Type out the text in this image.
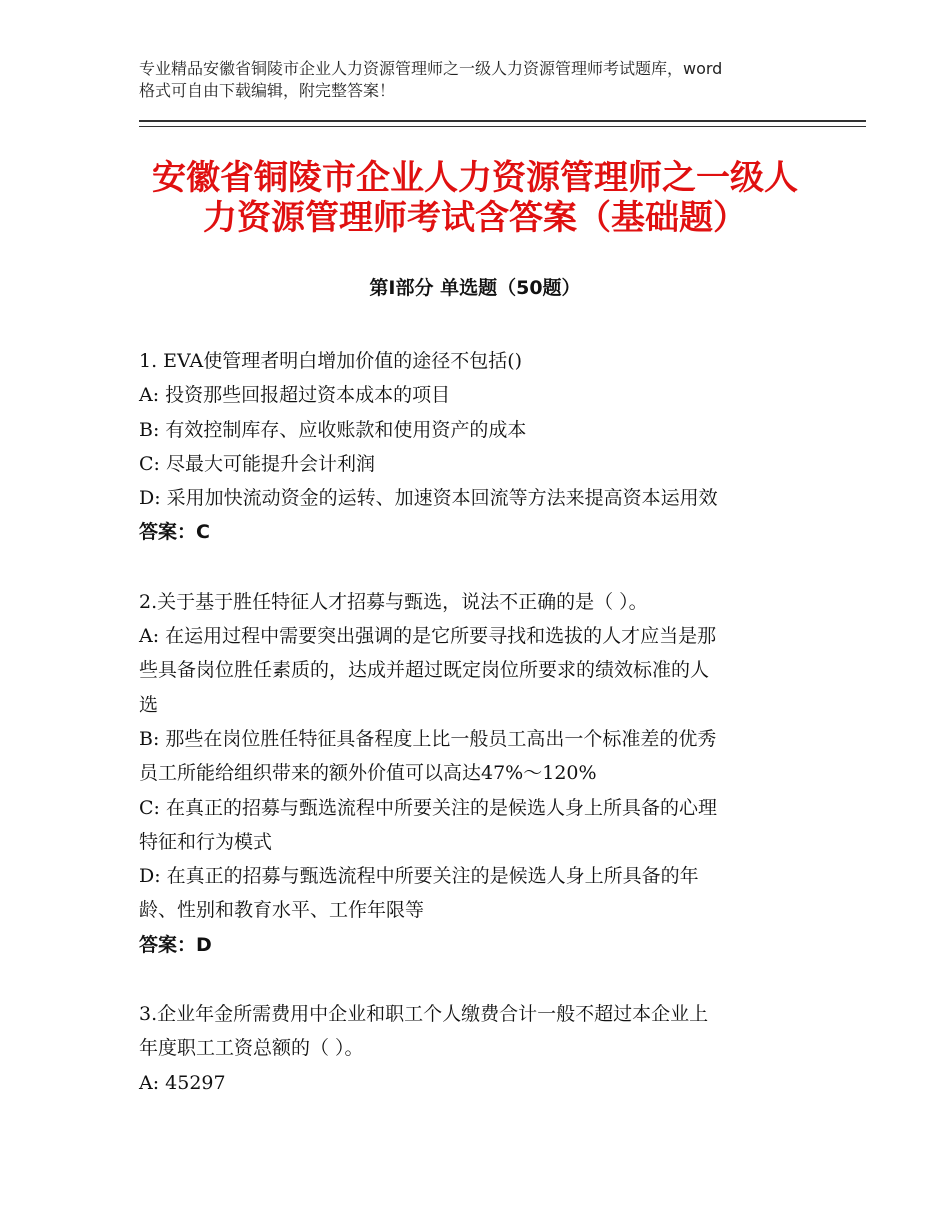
专业精品安徽省铜陵市企业人力资源管理师之一级人力资源管理师考试题库，word
格式可自由下载编辑，附完整答案！
安徽省铜陵市企业人力资源管理师之一级人
力资源管理师考试含答案（基础题）
第Ⅰ部分 单选题（50题）
1. EVA使管理者明白增加价值的途径不包括()
A: 投资那些回报超过资本成本的项目
B: 有效控制库存、应收账款和使用资产的成本
C: 尽最大可能提升会计利润
D: 采用加快流动资金的运转、加速资本回流等方法来提高资本运用效
答案：C
2.关于基于胜任特征人才招募与甄选，说法不正确的是（ ）。
A: 在运用过程中需要突出强调的是它所要寻找和选拔的人才应当是那
些具备岗位胜任素质的，达成并超过既定岗位所要求的绩效标准的人
选
B: 那些在岗位胜任特征具备程度上比一般员工高出一个标准差的优秀
员工所能给组织带来的额外价值可以高达47%～120%
C: 在真正的招募与甄选流程中所要关注的是候选人身上所具备的心理
特征和行为模式
D: 在真正的招募与甄选流程中所要关注的是候选人身上所具备的年
龄、性别和教育水平、工作年限等
答案：D
3.企业年金所需费用中企业和职工个人缴费合计一般不超过本企业上
年度职工工资总额的（ ）。
A: 45297
